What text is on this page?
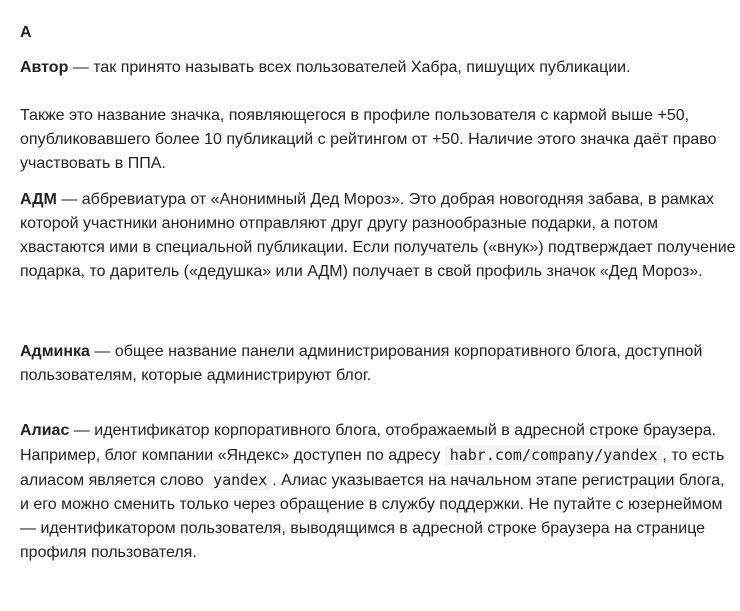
А

Автор — так принято называть всех пользователей Хабра, пишущих публикации.

Также это название значка, появляющегося в профиле пользователя с кармой выше +50, опубликовавшего более 10 публикаций с рейтингом от +50. Наличие этого значка даёт право участвовать в ППА.

АДМ — аббревиатура от «Анонимный Дед Мороз». Это добрая новогодняя забава, в рамках которой участники анонимно отправляют друг другу разнообразные подарки, а потом хвастаются ими в специальной публикации. Если получатель («внук») подтверждает получение подарка, то даритель («дедушка» или АДМ) получает в свой профиль значок «Дед Мороз».

Админка — общее название панели администрирования корпоративного блога, доступной пользователям, которые администрируют блог.

Алиас — идентификатор корпоративного блога, отображаемый в адресной строке браузера. Например, блог компании «Яндекс» доступен по адресу habr.com/company/yandex , то есть алиасом является слово yandex . Алиас указывается на начальном этапе регистрации блога, и его можно сменить только через обращение в службу поддержки. Не путайте с юзернеймом — идентификатором пользователя, выводящимся в адресной строке браузера на странице профиля пользователя.
